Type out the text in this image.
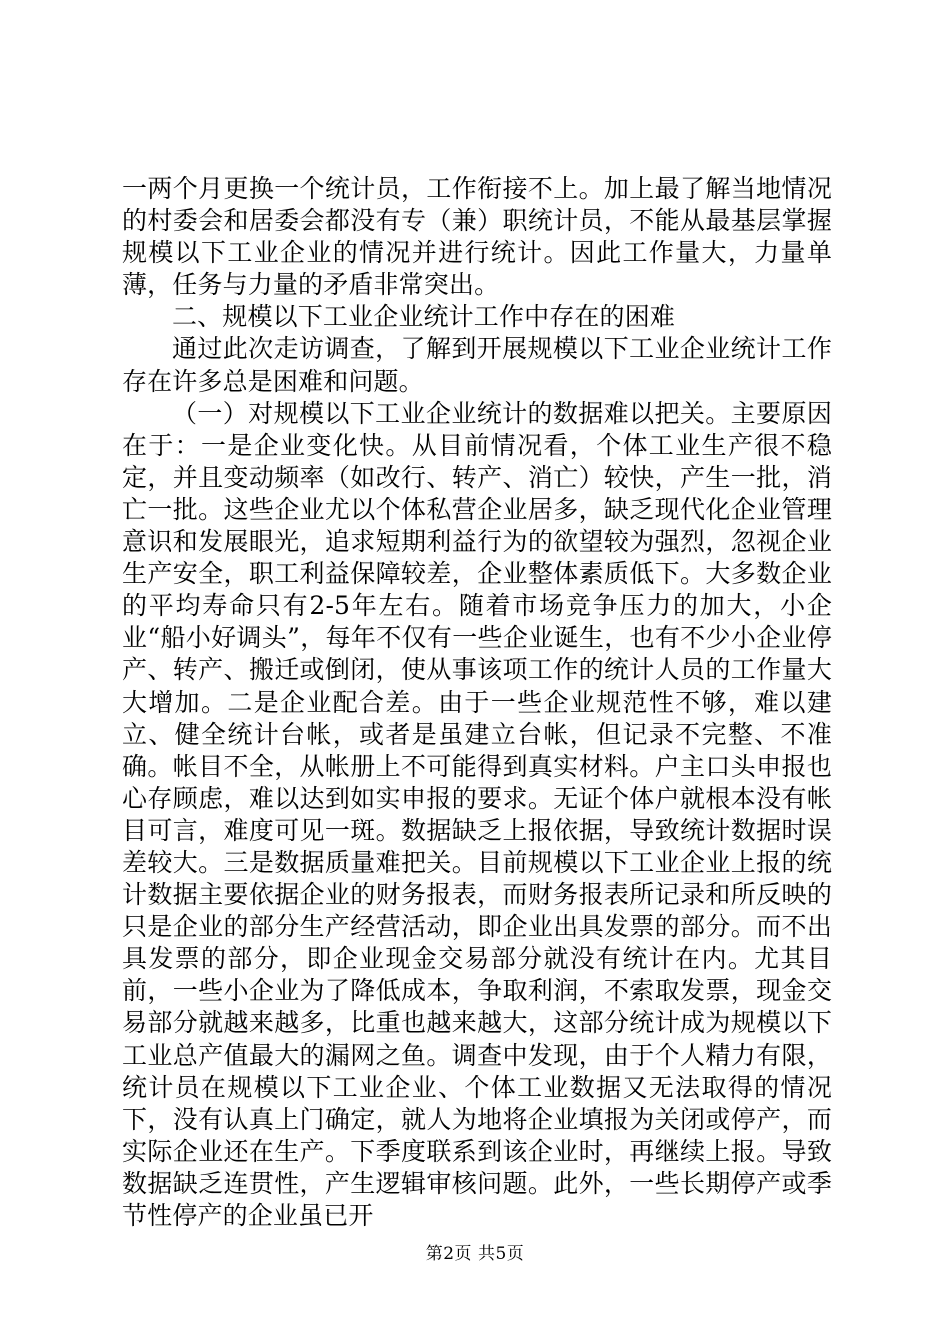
一两个月更换一个统计员，工作衔接不上。加上最了解当地情况的村委会和居委会都没有专（兼）职统计员，不能从最基层掌握规模以下工业企业的情况并进行统计。因此工作量大，力量单薄，任务与力量的矛盾非常突出。

二、规模以下工业企业统计工作中存在的困难

通过此次走访调查，了解到开展规模以下工业企业统计工作存在许多总是困难和问题。

（一）对规模以下工业企业统计的数据难以把关。主要原因在于：一是企业变化快。从目前情况看，个体工业生产很不稳定，并且变动频率（如改行、转产、消亡）较快，产生一批，消亡一批。这些企业尤以个体私营企业居多，缺乏现代化企业管理意识和发展眼光，追求短期利益行为的欲望较为强烈，忽视企业生产安全，职工利益保障较差，企业整体素质低下。大多数企业的平均寿命只有2-5年左右。随着市场竞争压力的加大，小企业“船小好调头”，每年不仅有一些企业诞生，也有不少小企业停产、转产、搬迁或倒闭，使从事该项工作的统计人员的工作量大大增加。二是企业配合差。由于一些企业规范性不够，难以建立、健全统计台帐，或者是虽建立台帐，但记录不完整、不准确。帐目不全，从帐册上不可能得到真实材料。户主口头申报也心存顾虑，难以达到如实申报的要求。无证个体户就根本没有帐目可言，难度可见一斑。数据缺乏上报依据，导致统计数据时误差较大。三是数据质量难把关。目前规模以下工业企业上报的统计数据主要依据企业的财务报表，而财务报表所记录和所反映的只是企业的部分生产经营活动，即企业出具发票的部分。而不出具发票的部分，即企业现金交易部分就没有统计在内。尤其目前，一些小企业为了降低成本，争取利润，不索取发票，现金交易部分就越来越多，比重也越来越大，这部分统计成为规模以下工业总产值最大的漏网之鱼。调查中发现，由于个人精力有限，统计员在规模以下工业企业、个体工业数据又无法取得的情况下，没有认真上门确定，就人为地将企业填报为关闭或停产，而实际企业还在生产。下季度联系到该企业时，再继续上报。导致数据缺乏连贯性，产生逻辑审核问题。此外，一些长期停产或季节性停产的企业虽已开

第2页 共5页
